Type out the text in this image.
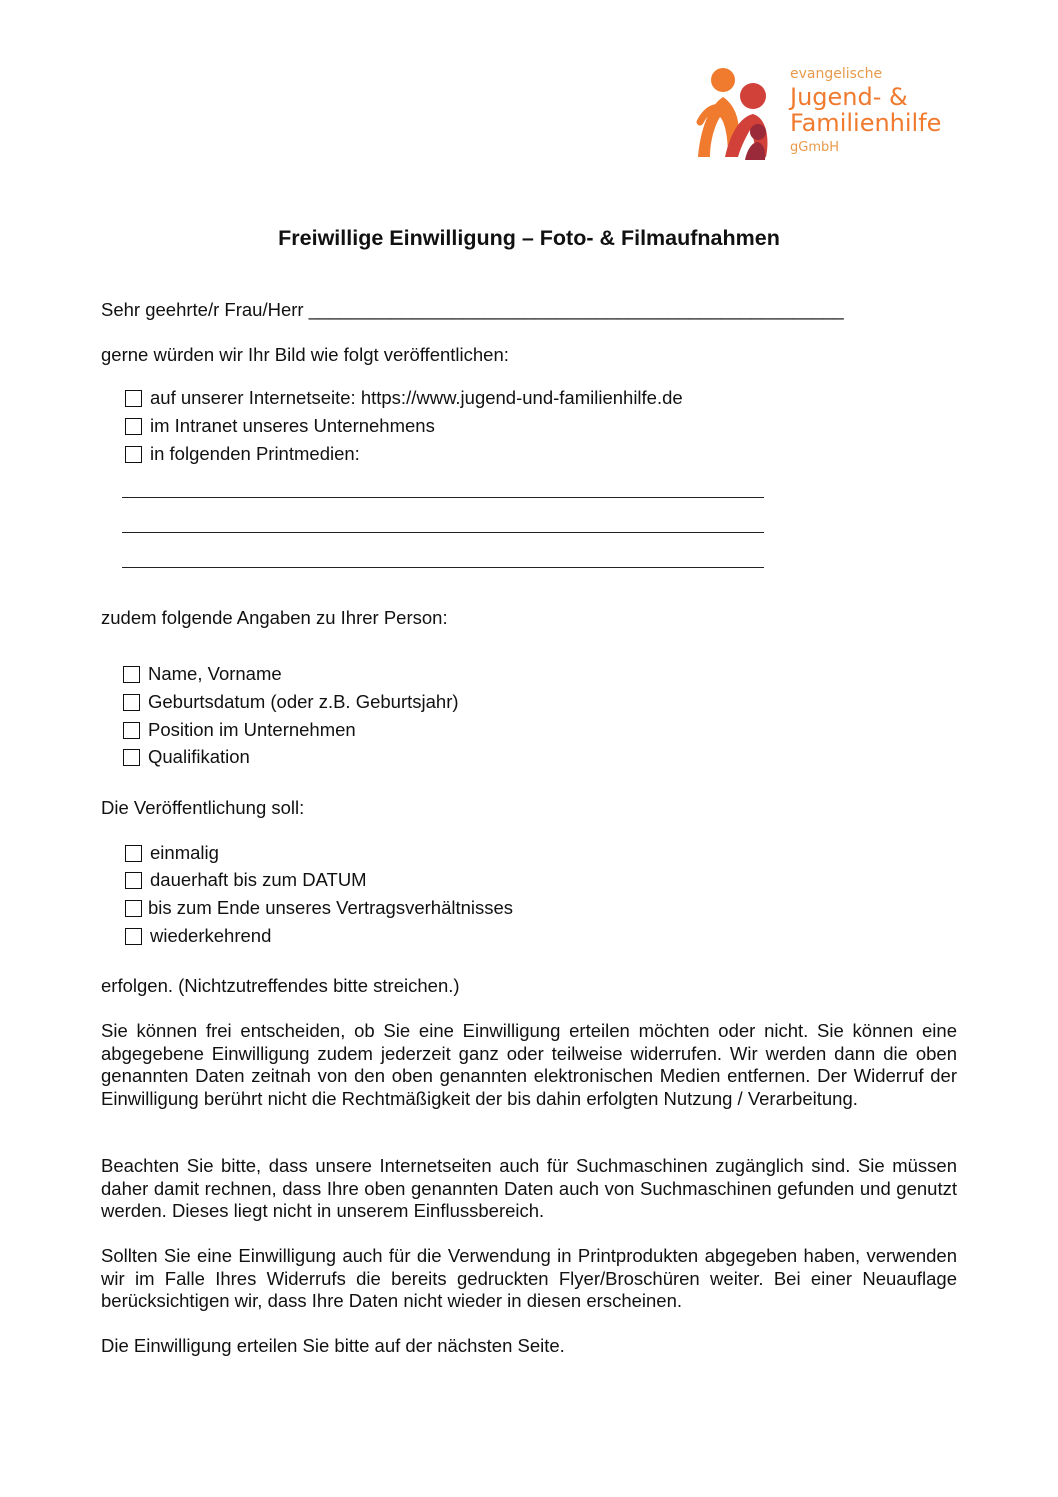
evangelische
Jugend- &
Familienhilfe
gGmbH
Freiwillige Einwilligung – Foto- & Filmaufnahmen
Sehr geehrte/r Frau/Herr ____________________________________________________
gerne würden wir Ihr Bild wie folgt veröffentlichen:
auf unserer Internetseite: https://www.jugend-und-familienhilfe.de
im Intranet unseres Unternehmens
in folgenden Printmedien:
zudem folgende Angaben zu Ihrer Person:
Name, Vorname
Geburtsdatum (oder z.B. Geburtsjahr)
Position im Unternehmen
Qualifikation
Die Veröffentlichung soll:
einmalig
dauerhaft bis zum DATUM
bis zum Ende unseres Vertragsverhältnisses
wiederkehrend
erfolgen. (Nichtzutreffendes bitte streichen.)
Sie können frei entscheiden, ob Sie eine Einwilligung erteilen möchten oder nicht. Sie können eine abgegebene Einwilligung zudem jederzeit ganz oder teilweise widerrufen. Wir werden dann die oben genannten Daten zeitnah von den oben genannten elektronischen Medien entfernen. Der Widerruf der Einwilligung berührt nicht die Rechtmäßigkeit der bis dahin erfolgten Nutzung / Verarbeitung.
Beachten Sie bitte, dass unsere Internetseiten auch für Suchmaschinen zugänglich sind. Sie müssen daher damit rechnen, dass Ihre oben genannten Daten auch von Suchmaschinen gefunden und genutzt werden. Dieses liegt nicht in unserem Einflussbereich.
Sollten Sie eine Einwilligung auch für die Verwendung in Printprodukten abgegeben haben, verwenden wir im Falle Ihres Widerrufs die bereits gedruckten Flyer/Broschüren weiter. Bei einer Neuauflage berücksichtigen wir, dass Ihre Daten nicht wieder in diesen erscheinen.
Die Einwilligung erteilen Sie bitte auf der nächsten Seite.
